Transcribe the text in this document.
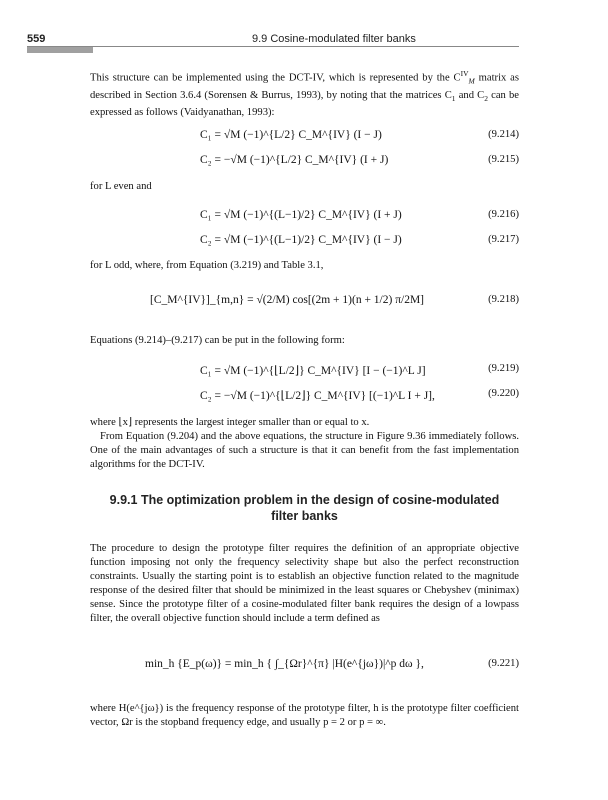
559	9.9 Cosine-modulated filter banks

This structure can be implemented using the DCT-IV, which is represented by the $C^{IV}_M$ matrix as described in Section 3.6.4 (Sorensen & Burrus, 1993), by noting that the matrices $C_1$ and $C_2$ can be expressed as follows (Vaidyanathan, 1993):

C₁ = √M (−1)^{L/2} C_M^{IV} (I − J)	(9.214)
C₂ = −√M (−1)^{L/2} C_M^{IV} (I + J)	(9.215)

for L even and

C₁ = √M (−1)^{(L−1)/2} C_M^{IV} (I + J)	(9.216)
C₂ = √M (−1)^{(L−1)/2} C_M^{IV} (I − J)	(9.217)

for L odd, where, from Equation (3.219) and Table 3.1,

[C_M^{IV}]_{m,n} = √(2/M) cos[(2m + 1)(n + 1/2) π/2M]	(9.218)

Equations (9.214)–(9.217) can be put in the following form:

C₁ = √M (−1)^{⌊L/2⌋} C_M^{IV} [I − (−1)^L J]	(9.219)
C₂ = −√M (−1)^{⌊L/2⌋} C_M^{IV} [(−1)^L I + J],	(9.220)

where ⌊x⌋ represents the largest integer smaller than or equal to x.

From Equation (9.204) and the above equations, the structure in Figure 9.36 immediately follows. One of the main advantages of such a structure is that it can benefit from the fast implementation algorithms for the DCT-IV.

9.9.1 The optimization problem in the design of cosine-modulated
filter banks

The procedure to design the prototype filter requires the definition of an appropriate objective function imposing not only the frequency selectivity shape but also the perfect reconstruction constraints. Usually the starting point is to establish an objective function related to the magnitude response of the desired filter that should be minimized in the least squares or Chebyshev (minimax) sense. Since the prototype filter of a cosine-modulated filter bank requires the design of a lowpass filter, the overall objective function should include a term defined as

min_h {E_p(ω)} = min_h { ∫_{Ωr}^{π} |H(e^{jω})|^p dω },	(9.221)

where H(e^{jω}) is the frequency response of the prototype filter, h is the prototype filter coefficient vector, Ωr is the stopband frequency edge, and usually p = 2 or p = ∞.
